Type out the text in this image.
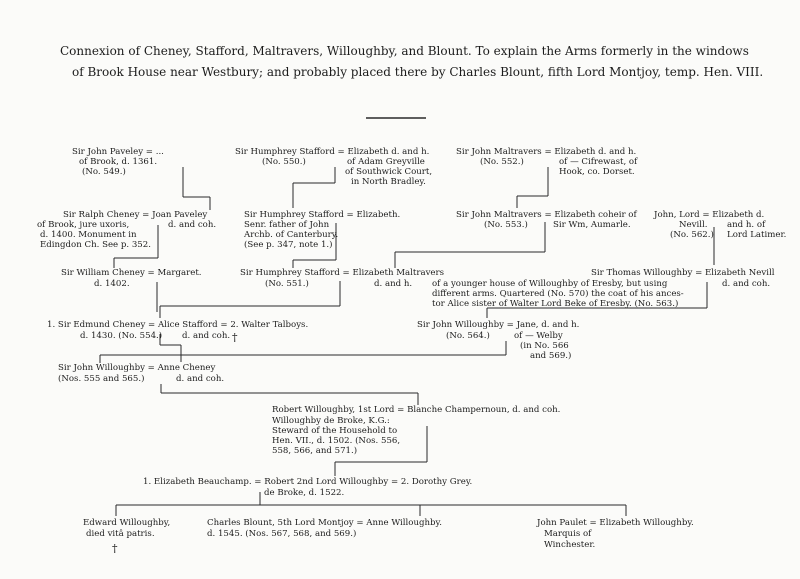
Connexion of Cheney, Stafford, Maltravers, Willoughby, and Blount. To explain the Arms formerly in the windows

of Brook House near Westbury; and probably placed there by Charles Blount, fifth Lord Montjoy, temp. Hen. VIII.

Sir John Paveley = ...

of Brook, d. 1361.

(No. 549.)

Sir Humphrey Stafford = Elizabeth d. and h.

(No. 550.)	of Adam Greyville

of Southwick Court,

in North Bradley.

Sir John Maltravers = Elizabeth d. and h.

(No. 552.)	of — Cifrewast, of

Hook, co. Dorset.

Sir Ralph Cheney = Joan Paveley

of Brook, jure uxoris,	d. and coh.

d. 1400. Monument in

Edingdon Ch. See p. 352.

Sir Humphrey Stafford = Elizabeth.

Senr. father of John

Archb. of Canterbury.

(See p. 347, note 1.)

Sir John Maltravers = Elizabeth coheir of

(No. 553.)	Sir Wm, Aumarle.

John, Lord = Elizabeth d.

Nevill. and h. of

(No. 562.) Lord Latimer.

Sir William Cheney = Margaret.

d. 1402.

Sir Humphrey Stafford = Elizabeth Maltravers

(No. 551.)	d. and h.

Sir Thomas Willoughby = Elizabeth Nevill

d. and coh.

of a younger house of Willoughby of Eresby, but using

different arms. Quartered (No. 570) the coat of his ances-

tor Alice sister of Walter Lord Beke of Eresby. (No. 563.)

1. Sir Edmund Cheney = Alice Stafford = 2. Walter Talboys.

d. 1430. (No. 554.) d. and coh. †

Sir John Willoughby = Jane, d. and h.

(No. 564.)	of — Welby

(in No. 566

and 569.)

Sir John Willoughby = Anne Cheney

(Nos. 555 and 565.)	d. and coh.

Robert Willoughby, 1st Lord = Blanche Champernoun, d. and coh.

Willoughby de Broke, K.G.:

Steward of the Household to

Hen. VII., d. 1502. (Nos. 556,

558, 566, and 571.)

1. Elizabeth Beauchamp. = Robert 2nd Lord Willoughby = 2. Dorothy Grey.

de Broke, d. 1522.

Edward Willoughby,

died vitâ patris.

†

Charles Blount, 5th Lord Montjoy = Anne Willoughby.

d. 1545. (Nos. 567, 568, and 569.)

John Paulet = Elizabeth Willoughby.

Marquis of

Winchester.
